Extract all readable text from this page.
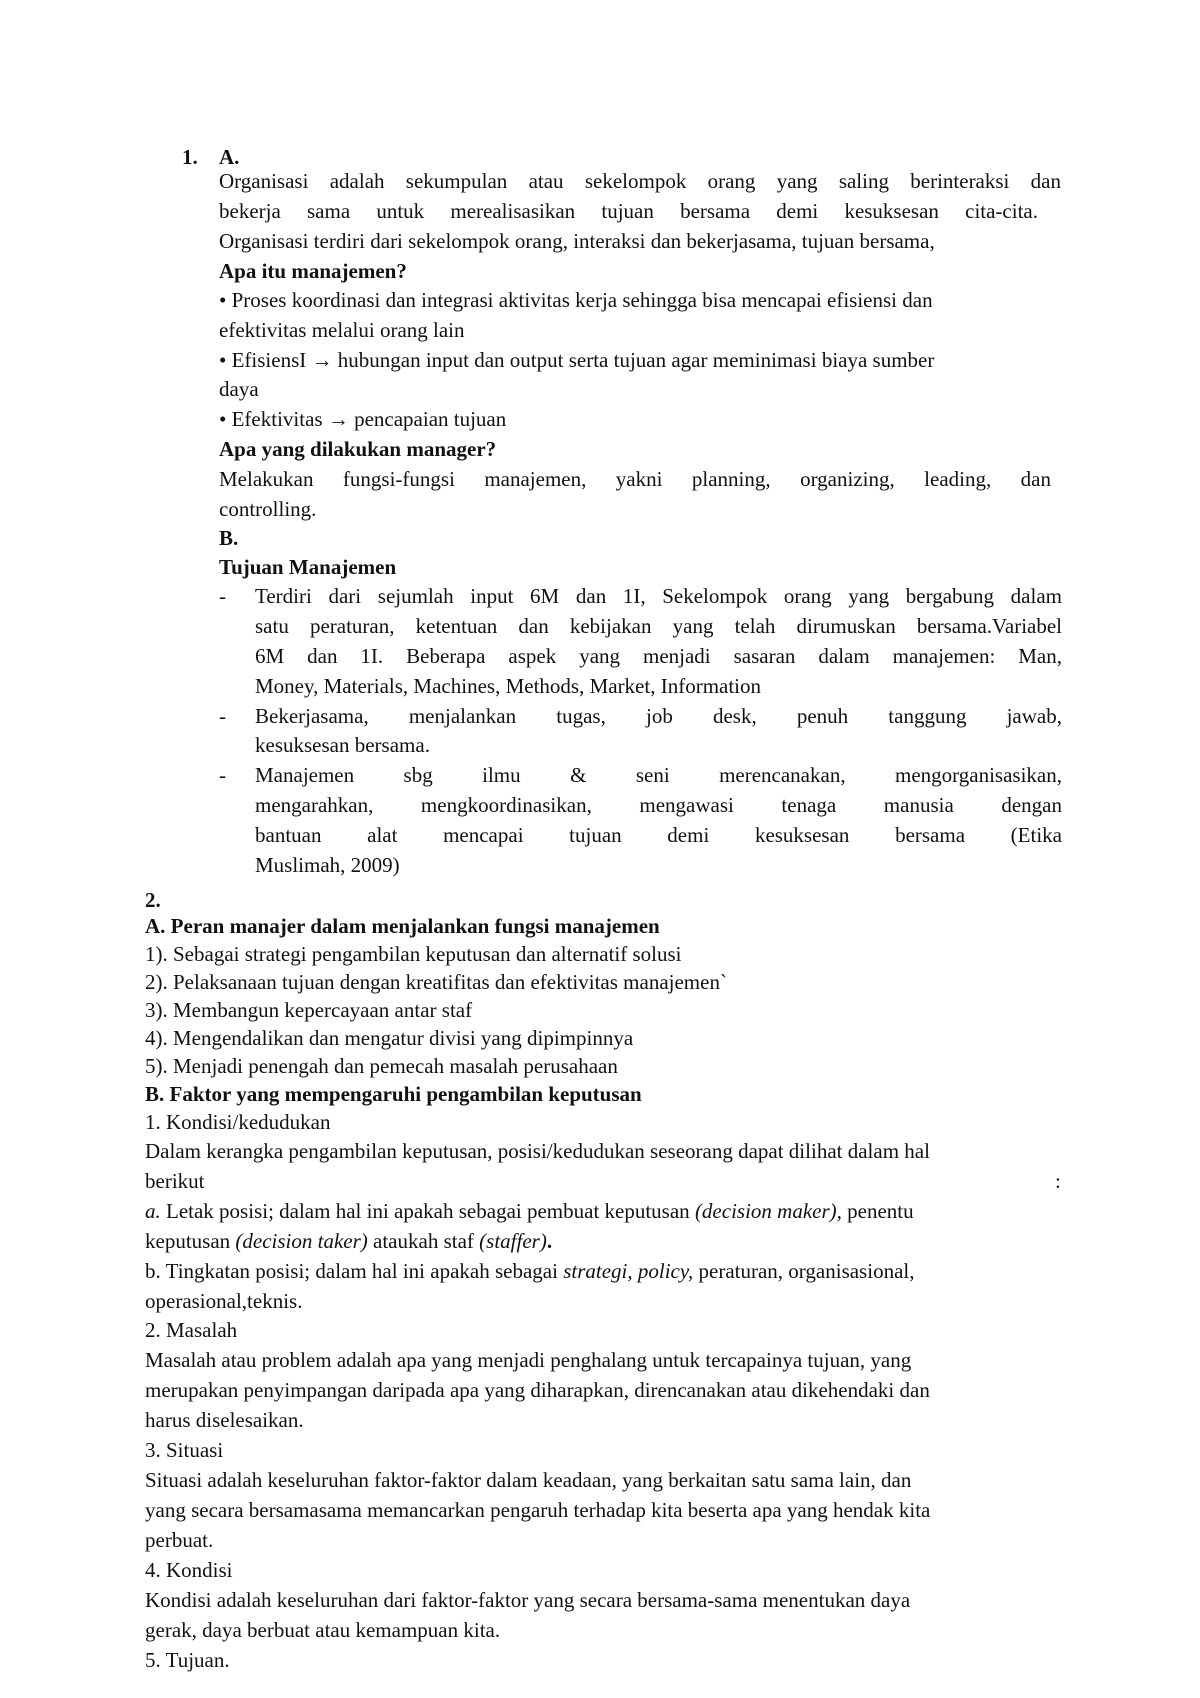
1. A.
Organisasi adalah sekumpulan atau sekelompok orang yang saling berinteraksi dan
bekerja sama untuk merealisasikan tujuan bersama demi kesuksesan cita-cita.
Organisasi terdiri dari sekelompok orang, interaksi dan bekerjasama, tujuan bersama,
Apa itu manajemen?
• Proses koordinasi dan integrasi aktivitas kerja sehingga bisa mencapai efisiensi dan
efektivitas melalui orang lain
• EfisiensI → hubungan input dan output serta tujuan agar meminimasi biaya sumber
daya
• Efektivitas → pencapaian tujuan
Apa yang dilakukan manager?
Melakukan fungsi-fungsi manajemen, yakni planning, organizing, leading, dan
controlling.
B.
Tujuan Manajemen
- Terdiri dari sejumlah input 6M dan 1I, Sekelompok orang yang bergabung dalam
satu peraturan, ketentuan dan kebijakan yang telah dirumuskan bersama.Variabel
6M dan 1I. Beberapa aspek yang menjadi sasaran dalam manajemen: Man,
Money, Materials, Machines, Methods, Market, Information
- Bekerjasama, menjalankan tugas, job desk, penuh tanggung jawab,
kesuksesan bersama.
- Manajemen sbg ilmu & seni merencanakan, mengorganisasikan,
mengarahkan, mengkoordinasikan, mengawasi tenaga manusia dengan
bantuan alat mencapai tujuan demi kesuksesan bersama (Etika
Muslimah, 2009)
2.
A. Peran manajer dalam menjalankan fungsi manajemen
1). Sebagai strategi pengambilan keputusan dan alternatif solusi
2). Pelaksanaan tujuan dengan kreatifitas dan efektivitas manajemen`
3). Membangun kepercayaan antar staf
4). Mengendalikan dan mengatur divisi yang dipimpinnya
5). Menjadi penengah dan pemecah masalah perusahaan
B. Faktor yang mempengaruhi pengambilan keputusan
1. Kondisi/kedudukan
Dalam kerangka pengambilan keputusan, posisi/kedudukan seseorang dapat dilihat dalam hal
berikut	:
a. Letak posisi; dalam hal ini apakah sebagai pembuat keputusan (decision maker), penentu
keputusan (decision taker) ataukah staf (staffer).
b. Tingkatan posisi; dalam hal ini apakah sebagai strategi, policy, peraturan, organisasional,
operasional,teknis.
2. Masalah
Masalah atau problem adalah apa yang menjadi penghalang untuk tercapainya tujuan, yang
merupakan penyimpangan daripada apa yang diharapkan, direncanakan atau dikehendaki dan
harus diselesaikan.
3. Situasi
Situasi adalah keseluruhan faktor-faktor dalam keadaan, yang berkaitan satu sama lain, dan
yang secara bersamasama memancarkan pengaruh terhadap kita beserta apa yang hendak kita
perbuat.
4. Kondisi
Kondisi adalah keseluruhan dari faktor-faktor yang secara bersama-sama menentukan daya
gerak, daya berbuat atau kemampuan kita.
5. Tujuan.
